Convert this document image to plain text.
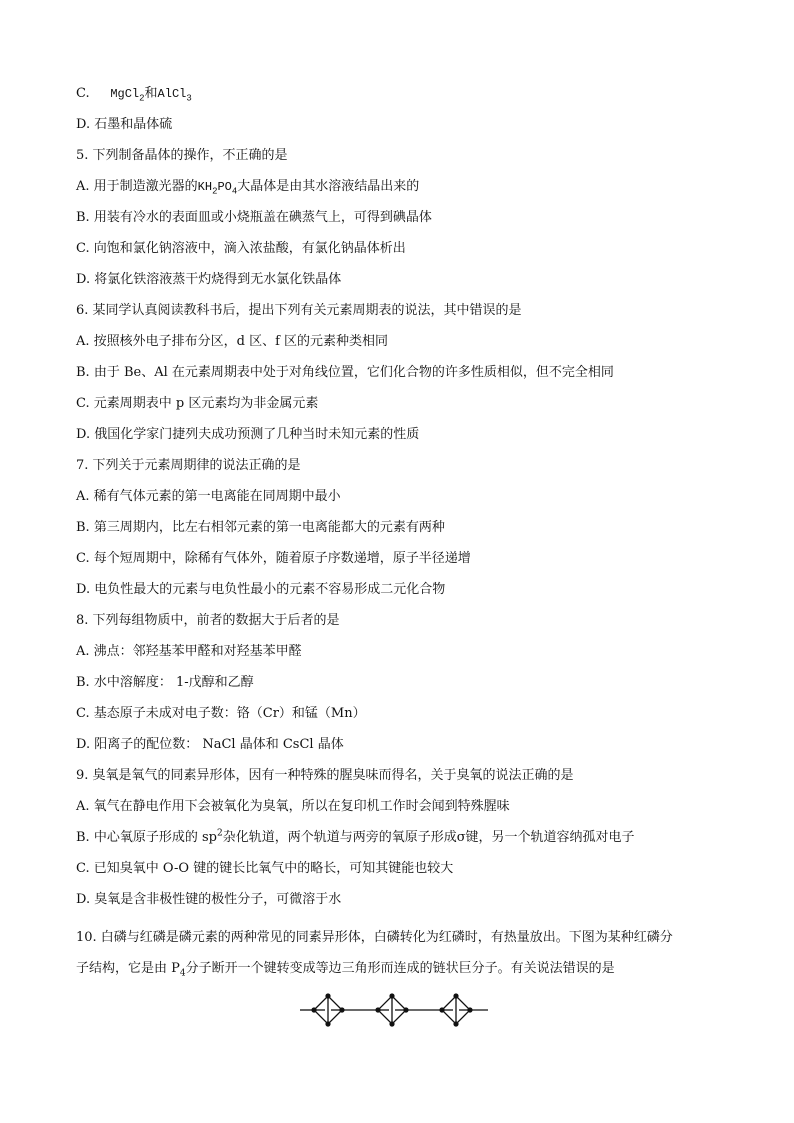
C. MgCl$_2$和AlCl$_3$
D. 石墨和晶体硫
5. 下列制备晶体的操作，不正确的是
A. 用于制造激光器的$KH_2PO_4$大晶体是由其水溶液结晶出来的
B. 用装有冷水的表面皿或小烧瓶盖在碘蒸气上，可得到碘晶体
C. 向饱和氯化钠溶液中，滴入浓盐酸，有氯化钠晶体析出
D. 将氯化铁溶液蒸干灼烧得到无水氯化铁晶体
6. 某同学认真阅读教科书后，提出下列有关元素周期表的说法，其中错误的是
A. 按照核外电子排布分区，d 区、f 区的元素种类相同
B. 由于 Be、Al 在元素周期表中处于对角线位置，它们化合物的许多性质相似，但不完全相同
C. 元素周期表中 p 区元素均为非金属元素
D. 俄国化学家门捷列夫成功预测了几种当时未知元素的性质
7. 下列关于元素周期律的说法正确的是
A. 稀有气体元素的第一电离能在同周期中最小
B. 第三周期内，比左右相邻元素的第一电离能都大的元素有两种
C. 每个短周期中，除稀有气体外，随着原子序数递增，原子半径递增
D. 电负性最大的元素与电负性最小的元素不容易形成二元化合物
8. 下列每组物质中，前者的数据大于后者的是
A. 沸点：邻羟基苯甲醛和对羟基苯甲醛
B. 水中溶解度： 1-戊醇和乙醇
C. 基态原子未成对电子数：铬（Cr）和锰（Mn）
D. 阳离子的配位数： NaCl 晶体和 CsCl 晶体
9. 臭氧是氧气的同素异形体，因有一种特殊的腥臭味而得名，关于臭氧的说法正确的是
A. 氧气在静电作用下会被氧化为臭氧，所以在复印机工作时会闻到特殊腥味
B. 中心氧原子形成的 $sp^2$杂化轨道，两个轨道与两旁的氧原子形成σ键，另一个轨道容纳孤对电子
C. 已知臭氧中 O-O 键的键长比氧气中的略长，可知其键能也较大
D. 臭氧是含非极性键的极性分子，可微溶于水
10. 白磷与红磷是磷元素的两种常见的同素异形体，白磷转化为红磷时，有热量放出。下图为某种红磷分
子结构，它是由 $P_4$分子断开一个键转变成等边三角形而连成的链状巨分子。有关说法错误的是
